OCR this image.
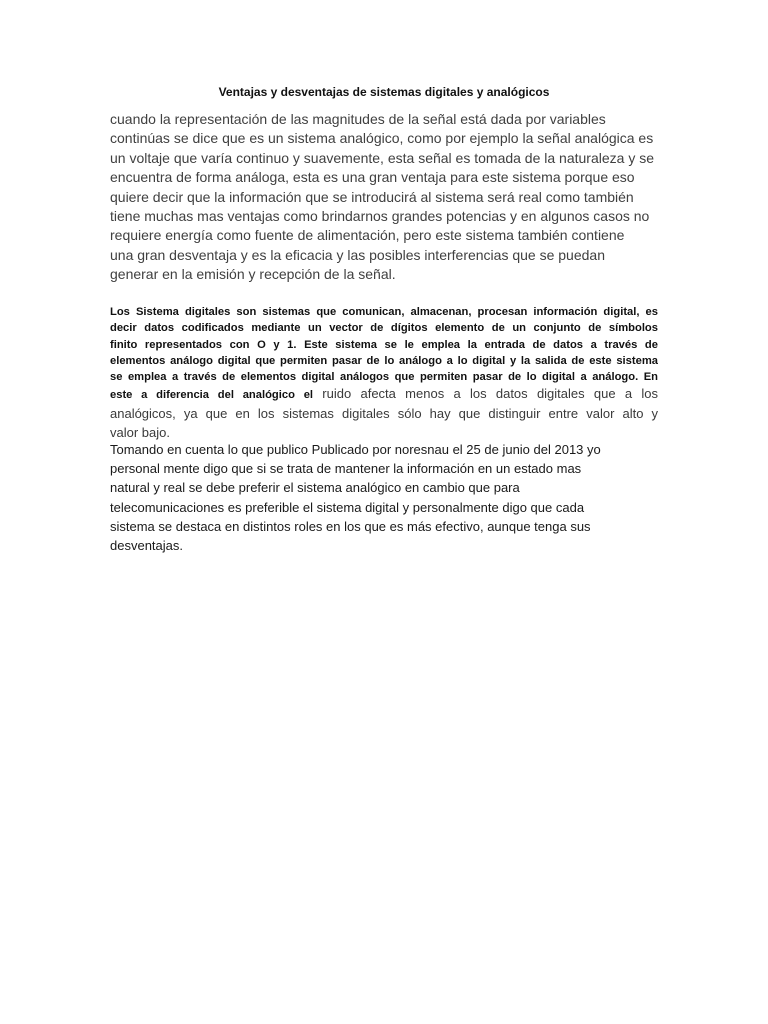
Ventajas y desventajas de sistemas digitales y analógicos
cuando la representación de las magnitudes de la señal está dada por variables
continúas se dice que es un sistema analógico, como por ejemplo la señal analógica es
un voltaje que varía continuo y suavemente, esta señal es tomada de la naturaleza y se
encuentra de forma análoga, esta es una gran ventaja para este sistema porque eso
quiere decir que la información que se introducirá al sistema será real como también
tiene muchas mas ventajas como brindarnos grandes potencias y en algunos casos no
requiere energía como fuente de alimentación, pero este sistema también contiene
una gran desventaja y es la eficacia y las posibles interferencias que se puedan
generar en la emisión y recepción de la señal.
Los Sistema digitales son sistemas que comunican, almacenan, procesan información digital, es
decir datos codificados mediante un vector de dígitos elemento de un conjunto de símbolos
finito representados con O y 1. Este sistema se le emplea la entrada de datos a través de
elementos análogo digital que permiten pasar de lo análogo a lo digital y la salida de este sistema
se emplea a través de elementos digital análogos que permiten pasar de lo digital a análogo. En
este a diferencia del analógico el ruido afecta menos a los datos digitales que a los
analógicos, ya que en los sistemas digitales sólo hay que distinguir entre valor alto y
valor bajo.
Tomando en cuenta lo que publico Publicado por noresnau el 25 de junio del 2013 yo
personal mente digo que si se trata de mantener la información en un estado mas
natural y real se debe preferir el sistema analógico en cambio que para
telecomunicaciones es preferible el sistema digital y personalmente digo que cada
sistema se destaca en distintos roles en los que es más efectivo, aunque tenga sus
desventajas.
